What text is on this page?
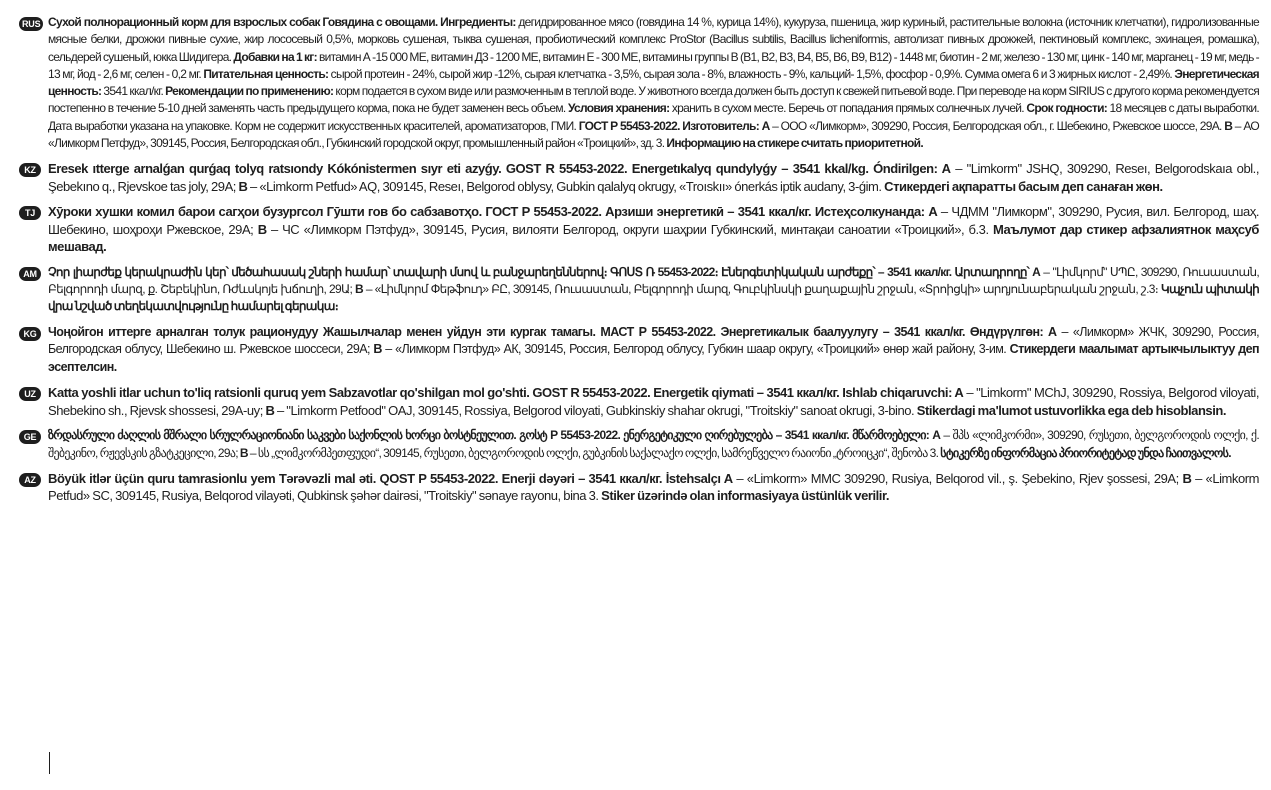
RUS Сухой полнорационный корм для взрослых собак Говядина с овощами. Ингредиенты: дегидрированное мясо (говядина 14 %, курица 14%), кукуруза, пшеница, жир куриный, растительные волокна (источник клетчатки), гидролизованные мясные белки, дрожжи пивные сухие, жир лососевый 0,5%, морковь сушеная, тыква сушеная, пробиотический комплекс ProStor (Bacillus subtilis, Bacillus licheniformis, автолизат пивных дрожжей, пектиновый комплекс, эхинацея, ромашка), сельдерей сушеный, юкка Шидигера. Добавки на 1 кг: витамин А -15 000 МЕ, витамин Д3 - 1200 МЕ, витамин Е - 300 МЕ, витамины группы В (B1, B2, B3, B4, B5, B6, B9, B12) - 1448 мг, биотин - 2 мг, железо - 130 мг, цинк - 140 мг, марганец - 19 мг, медь - 13 мг, йод - 2,6 мг, селен - 0,2 мг. Питательная ценность: сырой протеин - 24%, сырой жир -12%, сырая клетчатка - 3,5%, сырая зола - 8%, влажность - 9%, кальций- 1,5%, фосфор - 0,9%. Сумма омега 6 и 3 жирных кислот - 2,49%. Энергетическая ценность: 3541 ккал/кг. Рекомендации по применению: корм подается в сухом виде или размоченным в теплой воде. У животного всегда должен быть доступ к свежей питьевой воде. При переводе на корм SIRIUS с другого корма рекомендуется постепенно в течение 5-10 дней заменять часть предыдущего корма, пока не будет заменен весь объем. Условия хранения: хранить в сухом месте. Беречь от попадания прямых солнечных лучей. Срок годности: 18 месяцев с даты выработки. Дата выработки указана на упаковке. Корм не содержит искусственных красителей, ароматизаторов, ГМИ. ГОСТ Р 55453-2022. Изготовитель: А – ООО «Лимкорм», 309290, Россия, Белгородская обл., г. Шебекино, Ржевское шоссе, 29А. В – АО «Лимкорм Петфуд», 309145, Россия, Белгородская обл., Губкинский городской округ, промышленный район «Троицкий», зд. 3. Информацию на стикере считать приоритетной.

KZ Eresek ıtterge arnalǵan qurǵaq tolyq ratsıondy Kókónistermen sıyr eti azyǵy. GOST R 55453-2022. Energetıkalyq qundylyǵy – 3541 kkal/kg. Óndirilgen: A – "Limkorm" JSHQ, 309290, Reseı, Belgorodskaıa obl., Şebekıno q., Rjevskoe tas joly, 29A; B – «Limkorm Petfud» AQ, 309145, Reseı, Belgorod oblysy, Gubkin qalalyq okrugy, «Troıskıı» ónerkás iptik audany, 3-ǵim. Стикердегі ақпаратты басым деп санаған жөн.

TJ Хӯроки хушки комил барои сагҳои бузургсол Гӯшти гов бо сабзавотҳо. ГОСТ Р 55453-2022. Арзиши энергетикӣ – 3541 ккал/кг. Истеҳсолкунанда: А – ЧДММ "Лимкорм", 309290, Русия, вил. Белгород, шаҳ. Шебекино, шоҳроҳи Ржевское, 29А; В – ЧС «Лимкорм Пэтфуд», 309145, Русия, вилояти Белгород, округи шаҳрии Губкинский, минтақаи саноатии «Троицкий», б.3. Маълумот дар стикер афзалиятнок маҳсуб мешавад.

AM Չոր լիարժեք կերակրաժին կեր՝ մեծահասակ շների համար՝ տավարի մսով և բանջարեղեններով։ ԳՈՍՏ Ռ 55453-2022։ Էներգետիկական արժեքը՝ – 3541 ккал/кг. Արտադրողը՝ A – "Լիմկորմ" ՍՊԸ, 309290, Ռուսաստան, Բելգորոդի մարզ, ք. Շեբեկինո, Ռժևսկոյե խճուղի, 29Ա; B – «Լիմկորմ Փեթֆուդ» ԲԸ, 309145, Ռուսաստան, Բելգորոդի մարզ, Գուբկինսկի քաղաքային շրջան, «Տրոիցկի» արդյունաբերական շրջան, շ.3։ Կպչուն պիտակի վրա նշված տեղեկատվությունը համարել գերակա։

KG Чоңойгон иттерге арналган толук рационудуу Жашылчалар менен уйдун эти кургак тамагы. МАСТ Р 55453-2022. Энергетикалык баалуулугу – 3541 ккал/кг. Өндүрүлгөн: А – «Лимкорм» ЖЧК, 309290, Россия, Белгородская облусу, Шебекино ш. Ржевское шоссеси, 29А; В – «Лимкорм Пэтфуд» АК, 309145, Россия, Белгород облусу, Губкин шаар округу, «Троицкий» өнөр жай району, 3-им. Стикердеги маалымат артыкчылыктуу деп эсептелсин.

UZ Katta yoshli itlar uchun to'liq ratsionli quruq yem Sabzavotlar qo'shilgan mol go'shti. GOST R 55453-2022. Energetik qiymati – 3541 ккал/кг. Ishlab chiqaruvchi: A – "Limkorm" MChJ, 309290, Rossiya, Belgorod viloyati, Shebekino sh., Rjevsk shossesi, 29A-uy; B – "Limkorm Petfood" OAJ, 309145, Rossiya, Belgorod viloyati, Gubkinskiy shahar okrugi, "Troitskiy" sanoat okrugi, 3-bino. Stikerdagi ma'lumot ustuvorlikka ega deb hisoblansin.

GE ზრდასრული ძაღლის მშრალი სრულრაციონიანი საკვები საქონლის ხორცი ბოსტნეულით. გოსტ P 55453-2022. ენერგეტიკული ღირებულება – 3541 ккал/кг. მწარმოებელი: A – შპს «ლიმკორმი», 309290, რუსეთი, ბელგოროდის ოლქი, ქ. შებეკინო, რჟევსკის გზატკეცილი, 29ა; B – სს „ლიმკორმპეთფუდი“, 309145, რუსეთი, ბელგოროდის ოლქი, გუბკინის საქალაქო ოლქი, სამრეწველო რაიონი „ტროიცკი“, შენობა 3. სტიკერზე ინფორმაცია პრიორიტეტად უნდა ჩაითვალოს.

AZ Böyük itlər üçün quru tamrasionlu yem Tərəvəzli mal əti. QOST P 55453-2022. Enerji dəyəri – 3541 ккал/кг. İstehsalçı A – «Limkorm» MMC 309290, Rusiya, Belqorod vil., ş. Şebekino, Rjev şossesi, 29A; B – «Limkorm Petfud» SC, 309145, Rusiya, Belqorod vilayəti, Qubkinsk şəhər dairəsi, "Troitskiy" sənaye rayonu, bina 3. Stiker üzərində olan informasiyaya üstünlük verilir.
